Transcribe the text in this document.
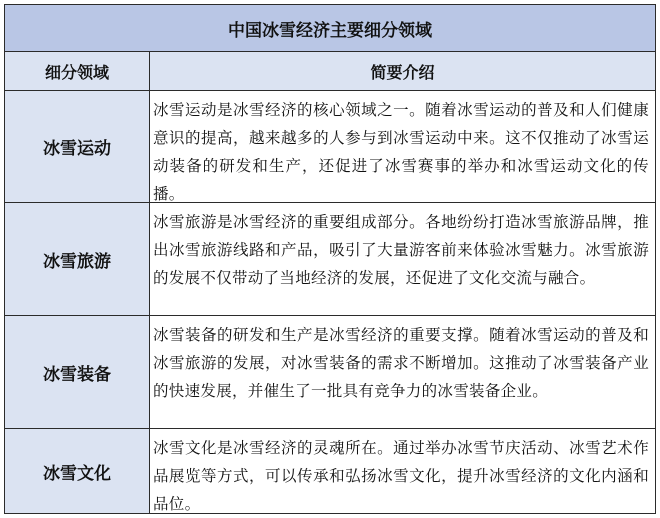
中国冰雪经济主要细分领域
细分领域	简要介绍
冰雪运动
冰雪运动是冰雪经济的核心领域之一。随着冰雪运动的普及和人们健康意识的提高，越来越多的人参与到冰雪运动中来。这不仅推动了冰雪运动装备的研发和生产，还促进了冰雪赛事的举办和冰雪运动文化的传播。
冰雪旅游
冰雪旅游是冰雪经济的重要组成部分。各地纷纷打造冰雪旅游品牌，推出冰雪旅游线路和产品，吸引了大量游客前来体验冰雪魅力。冰雪旅游的发展不仅带动了当地经济的发展，还促进了文化交流与融合。
冰雪装备
冰雪装备的研发和生产是冰雪经济的重要支撑。随着冰雪运动的普及和冰雪旅游的发展，对冰雪装备的需求不断增加。这推动了冰雪装备产业的快速发展，并催生了一批具有竞争力的冰雪装备企业。
冰雪文化
冰雪文化是冰雪经济的灵魂所在。通过举办冰雪节庆活动、冰雪艺术作品展览等方式，可以传承和弘扬冰雪文化，提升冰雪经济的文化内涵和品位。
